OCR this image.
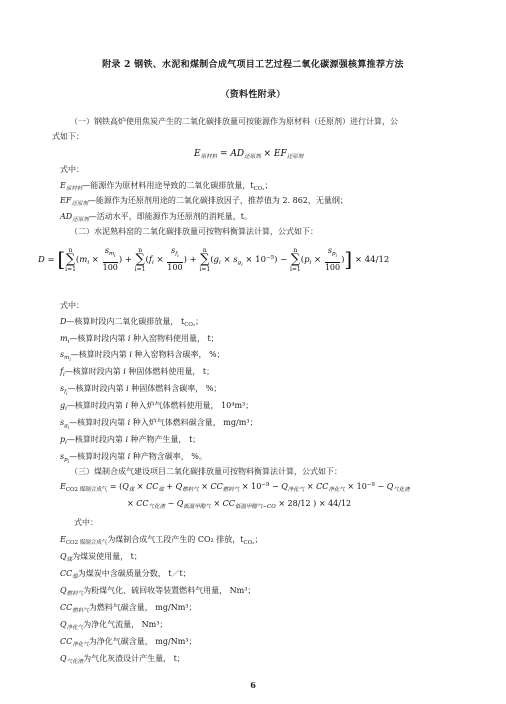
附录 2 钢铁、水泥和煤制合成气项目工艺过程二氧化碳源强核算推荐方法
（资料性附录）
（一）钢铁高炉使用焦炭产生的二氧化碳排放量可按能源作为原材料（还原剂）进行计算，公
式如下：
$E_{原材料} = AD_{还原剂} \times EF_{还原剂}$
式中：
$E_{原材料}—$能源作为原材料用途导致的二氧化碳排放量，$t_{CO_2}$；
$EF_{还原剂}—$能源作为还原剂用途的二氧化碳排放因子，推荐值为 2. 862，无量纲；
$AD_{还原剂}—$活动水平，即能源作为还原剂的消耗量，t。
（二）水泥熟料窑的二氧化碳排放量可按物料衡算法计算，公式如下：
D = [ n
∑
$i=1(m_i \times \frac{s_{m_i}}{100}$ ) + n
∑
$i=1(f_i \times \frac{s_{f_i}}{100}$ ) + n
∑
$i=1(g_i \times s_{g_i} \times 10^{-5}) - n$
∑
$i=1(p_i \times \frac{s_{p_i}}{100}$ )] × 44/12
式中：
D—核算时段内二氧化碳排放量， $t_{CO_2}$；
$m_i—$核算时段内第 i 种入窑物料使用量， t；
$s_{m_i}—$核算时段内第 i 种入窑物料含碳率， %；
$f_i—$核算时段内第 i 种固体燃料使用量， t；
$s_{f_i}—$核算时段内第 i 种固体燃料含碳率， %；
$g_i—$核算时段内第 i 种入炉气体燃料使用量， 10⁴m³；
$s_{g_i}—$核算时段内第 i 种入炉气体燃料碳含量， mg/m³；
$p_i—$核算时段内第 i 种产物产生量， t；
$s_{p_i}—$核算时段内第 i 种产物含碳率， %。
（三）煤制合成气建设项目二氧化碳排放量可按物料衡算法计算，公式如下：
$E_{CO2 煤制合成气} = (Q_煤 \times CC_煤 + Q_{燃料气} \times CC_{燃料气} \times 10^{-9} - Q_{净化气} \times CC_{净化气} \times 10^{-9} - Q_{气化渣}$
× $CC_{气化渣} - Q_{低温甲醇气} \times CC_{低温甲醇气-CO} \times 28/12$ ) × 44/12
式中：
$E_{CO2 煤制合成气}$为煤制合成气工段产生的 CO₂ 排放，$t_{CO_2}$；
$Q_煤$为煤炭使用量， t；
$CC_煤$为煤炭中含碳质量分数， t／t；
$Q_{燃料气}$为粉煤气化、硫回收等装置燃料气用量， Nm³；
$CC_{燃料气}$为燃料气碳含量， mg/Nm³；
$Q_{净化气}$为净化气流量， Nm³；
$CC_{净化气}$为净化气碳含量， mg/Nm³；
$Q_{气化渣}$为气化灰渣设计产生量， t；
6
